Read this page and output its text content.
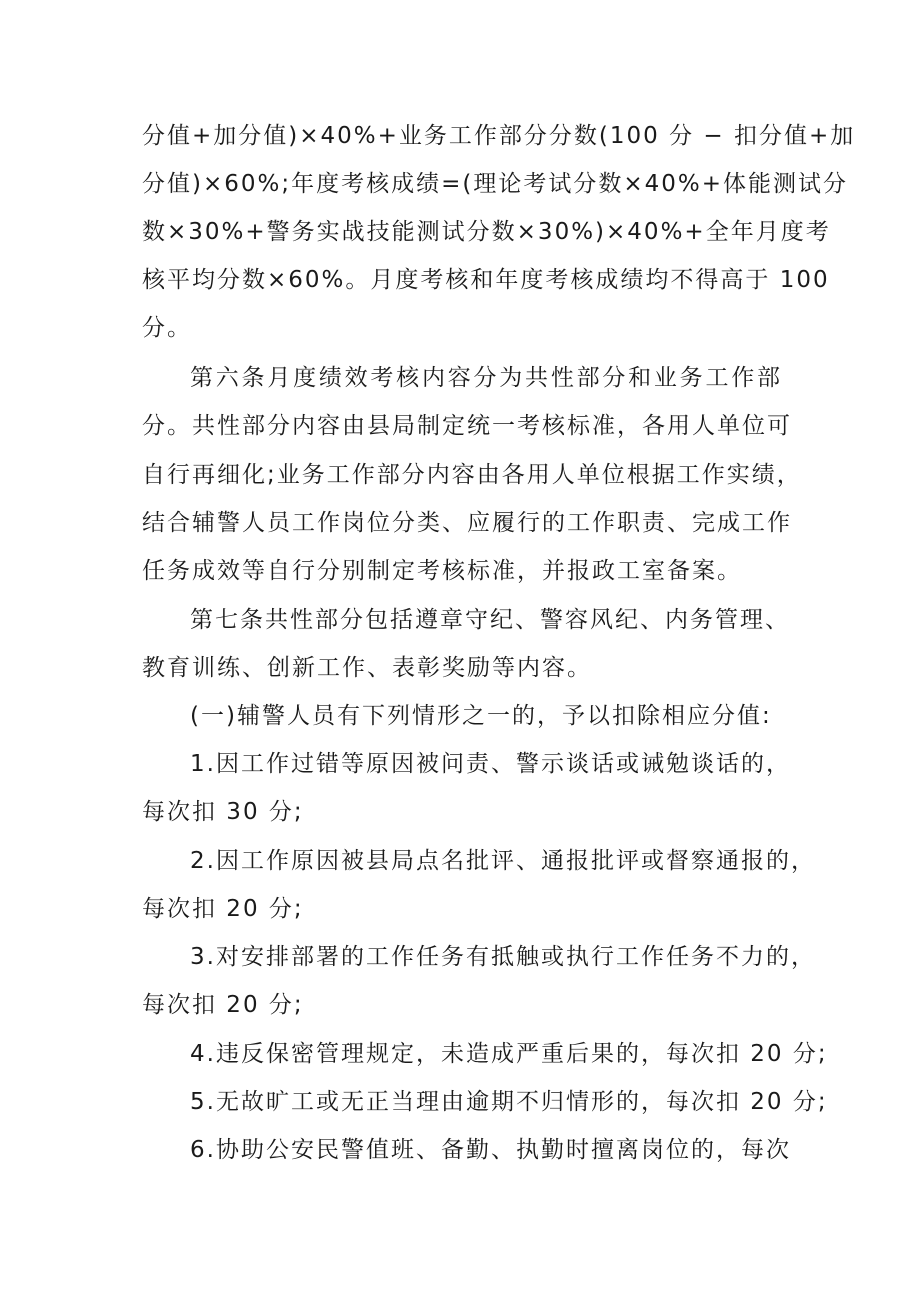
分值+加分值)×40%+业务工作部分分数(100 分 − 扣分值+加
分值)×60%;年度考核成绩=(理论考试分数×40%+体能测试分
数×30%+警务实战技能测试分数×30%)×40%+全年月度考
核平均分数×60%。月度考核和年度考核成绩均不得高于 100
分。
第六条月度绩效考核内容分为共性部分和业务工作部
分。共性部分内容由县局制定统一考核标准，各用人单位可
自行再细化;业务工作部分内容由各用人单位根据工作实绩，
结合辅警人员工作岗位分类、应履行的工作职责、完成工作
任务成效等自行分别制定考核标准，并报政工室备案。
第七条共性部分包括遵章守纪、警容风纪、内务管理、
教育训练、创新工作、表彰奖励等内容。
(一)辅警人员有下列情形之一的，予以扣除相应分值:
1.因工作过错等原因被问责、警示谈话或诫勉谈话的，
每次扣 30 分;
2.因工作原因被县局点名批评、通报批评或督察通报的，
每次扣 20 分;
3.对安排部署的工作任务有抵触或执行工作任务不力的，
每次扣 20 分;
4.违反保密管理规定，未造成严重后果的，每次扣 20 分;
5.无故旷工或无正当理由逾期不归情形的，每次扣 20 分;
6.协助公安民警值班、备勤、执勤时擅离岗位的，每次
